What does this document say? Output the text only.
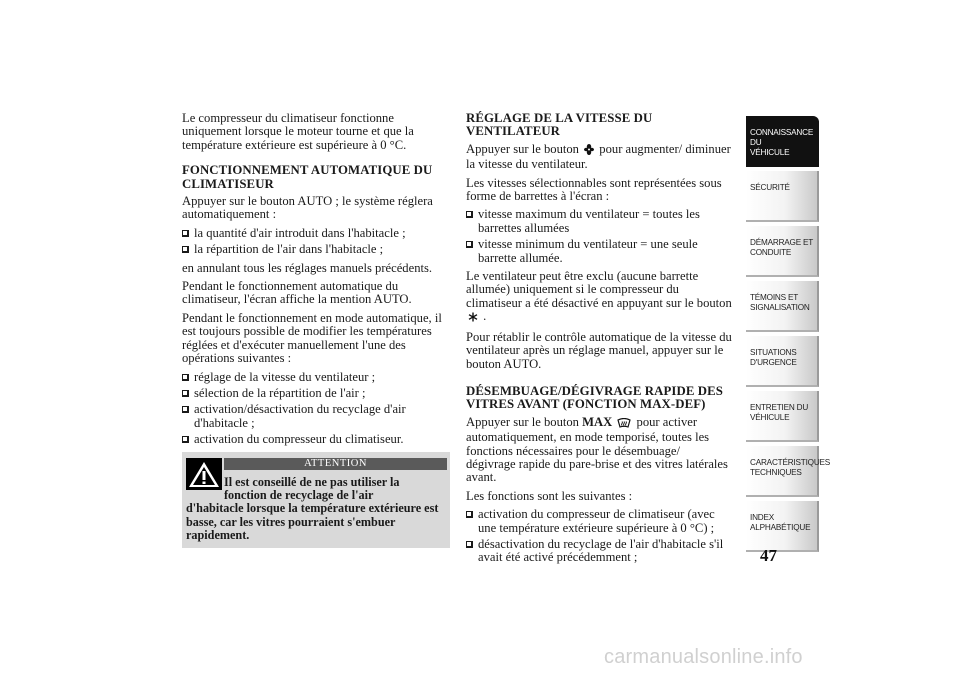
Le compresseur du climatiseur fonctionne uniquement lorsque le moteur tourne et que la température extérieure est supérieure à 0 °C.

FONCTIONNEMENT AUTOMATIQUE DU CLIMATISEUR

Appuyer sur le bouton AUTO ; le système réglera automatiquement :

la quantité d'air introduit dans l'habitacle ;
la répartition de l'air dans l'habitacle ;

en annulant tous les réglages manuels précédents.

Pendant le fonctionnement automatique du climatiseur, l'écran affiche la mention AUTO.

Pendant le fonctionnement en mode automatique, il est toujours possible de modifier les températures réglées et d'exécuter manuellement l'une des opérations suivantes :

réglage de la vitesse du ventilateur ;
sélection de la répartition de l'air ;
activation/désactivation du recyclage d'air d'habitacle ;
activation du compresseur du climatiseur.
ATTENTION
Il est conseillé de ne pas utiliser la
fonction de recyclage de l'air
d'habitacle lorsque la température extérieure est basse, car les vitres pourraient s'embuer rapidement.
RÉGLAGE DE LA VITESSE DU VENTILATEUR

Appuyer sur le bouton pour augmenter/ diminuer la vitesse du ventilateur.

Les vitesses sélectionnables sont représentées sous forme de barrettes à l'écran :

vitesse maximum du ventilateur = toutes les barrettes allumées
vitesse minimum du ventilateur = une seule barrette allumée.

Le ventilateur peut être exclu (aucune barrette allumée) uniquement si le compresseur du climatiseur a été désactivé en appuyant sur le bouton  .

Pour rétablir le contrôle automatique de la vitesse du ventilateur après un réglage manuel, appuyer sur le bouton AUTO.

DÉSEMBUAGE/DÉGIVRAGE RAPIDE DES VITRES AVANT (FONCTION MAX-DEF)

Appuyer sur le bouton MAX pour activer automatiquement, en mode temporisé, toutes les fonctions nécessaires pour le désembuage/ dégivrage rapide du pare-brise et des vitres latérales avant.

Les fonctions sont les suivantes :

activation du compresseur de climatiseur (avec une température extérieure supérieure à 0 °C) ;
désactivation du recyclage de l'air d'habitacle s'il avait été activé précédemment ;
CONNAISSANCE DU
VÉHICULE
SÉCURITÉ

DÉMARRAGE ET
CONDUITE
TÉMOINS ET
SIGNALISATION
SITUATIONS
D'URGENCE
ENTRETIEN DU
VÉHICULE
CARACTÉRISTIQUES
TECHNIQUES
INDEX
ALPHABÉTIQUE
47
carmanualsonline.info
